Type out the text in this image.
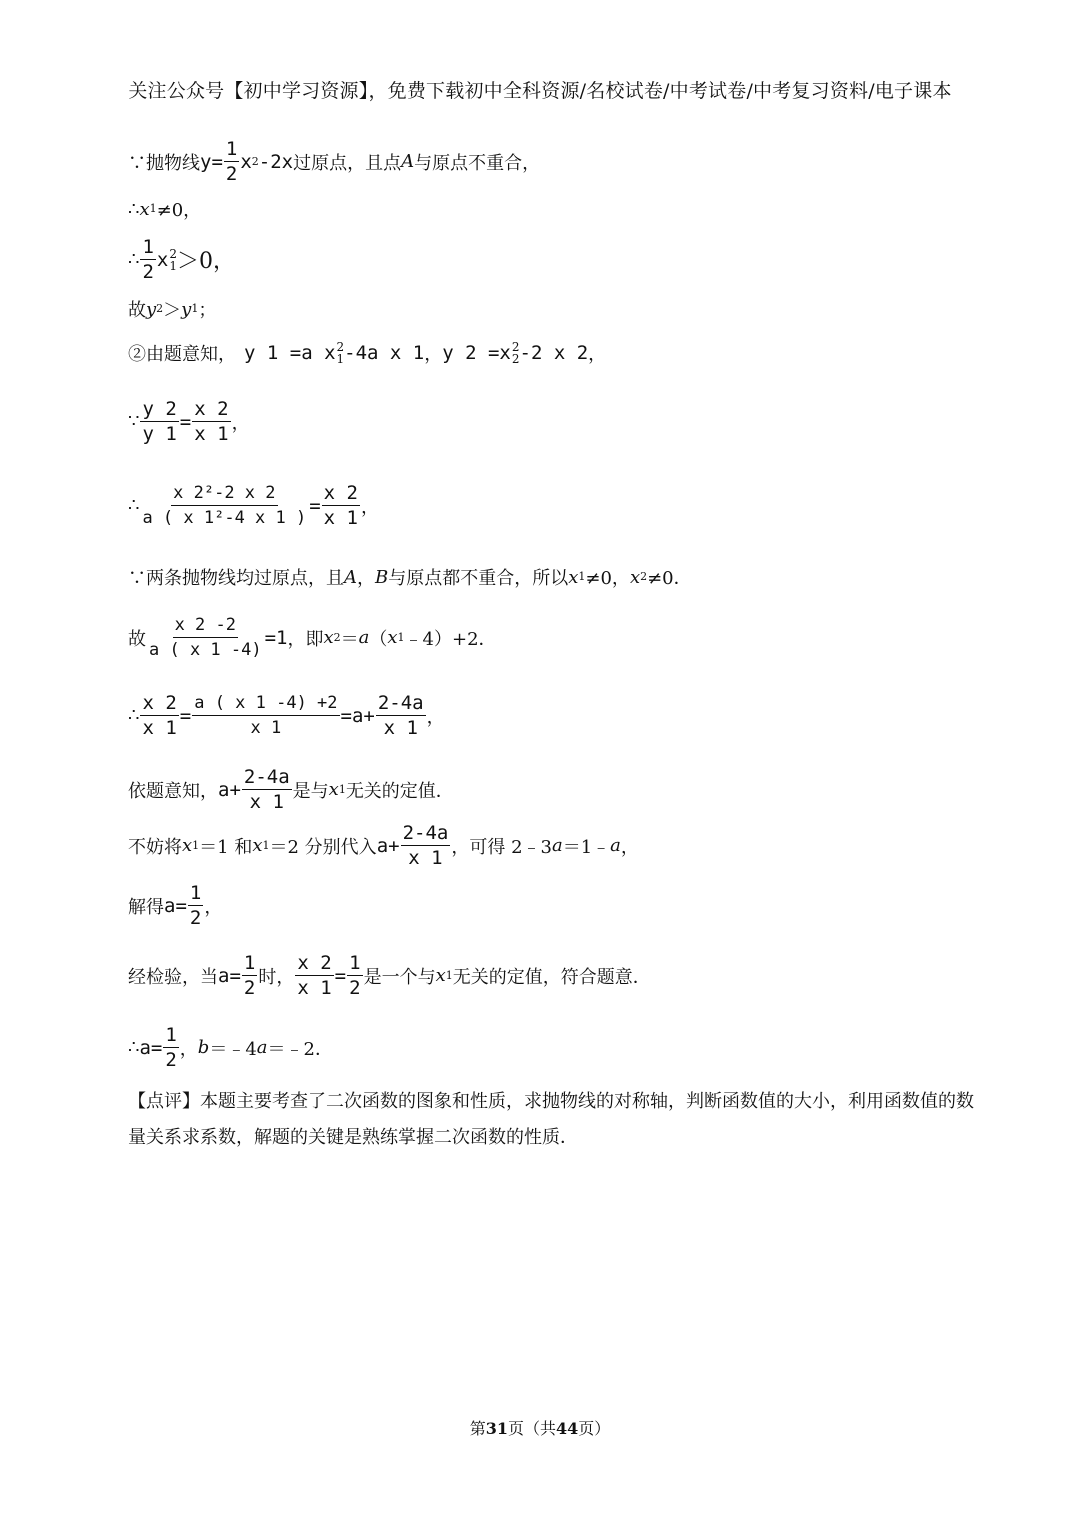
关注公众号【初中学习资源】，免费下载初中全科资源/名校试卷/中考试卷/中考复习资料/电子课本
∵抛物线 $y= \frac{1}{2}$ x 2 -2x 过原点，且点 A 与原点不重合，
∴ x 1 ≠0，
∴ $\frac{1}{2}$ x 2
1 ＞0，
故 y 2 ＞ y 1 ；
②由题意知， y 1 =a x 2
1 -4a x 1 ， y 2 =x 2
2 -2 x 2 ，
∵ $\frac{y 2}{y 1} = \frac{x 2}{x 1}$ ，
∴ $\frac{\text{x 2²-2 x 2}}{\text{a ( x 1²-4 x 1 )}} = \frac{x 2}{x 1}$ ，
∵两条抛物线均过原点，且 A ， B 与原点都不重合，所以 x 1 ≠0， x 2 ≠0．
故 $\frac{x 2 -2}{a ( x 1 -4)} =1$ ，即 x 2 ＝ a （ x 1 ﹣4）+2．
∴ $\frac{x 2}{x 1} = \frac{a ( x 1 -4) +2}{x 1} =a+ \frac{2-4a}{x 1}$ ，
依题意知， $a+ \frac{2-4a}{x 1}$ 是与 x 1 无关的定值．
不妨将 x 1 ＝1 和 x 1 ＝2 分别代入 $a+ \frac{2-4a}{x 1}$ ，可得 2﹣3 a ＝1﹣ a ，
解得 $a= \frac{1}{2}$ ，
经检验，当 $a= \frac{1}{2}$ 时， $\frac{x 2}{x 1} = \frac{1}{2}$ 是一个与 x 1 无关的定值，符合题意．
∴ $a= \frac{1}{2}$ ， b ＝﹣4 a ＝﹣2．
【点评】本题主要考查了二次函数的图象和性质，求抛物线的对称轴，判断函数值的大小，利用函数值的数量关系求系数，解题的关键是熟练掌握二次函数的性质．
第31页（共44页）
